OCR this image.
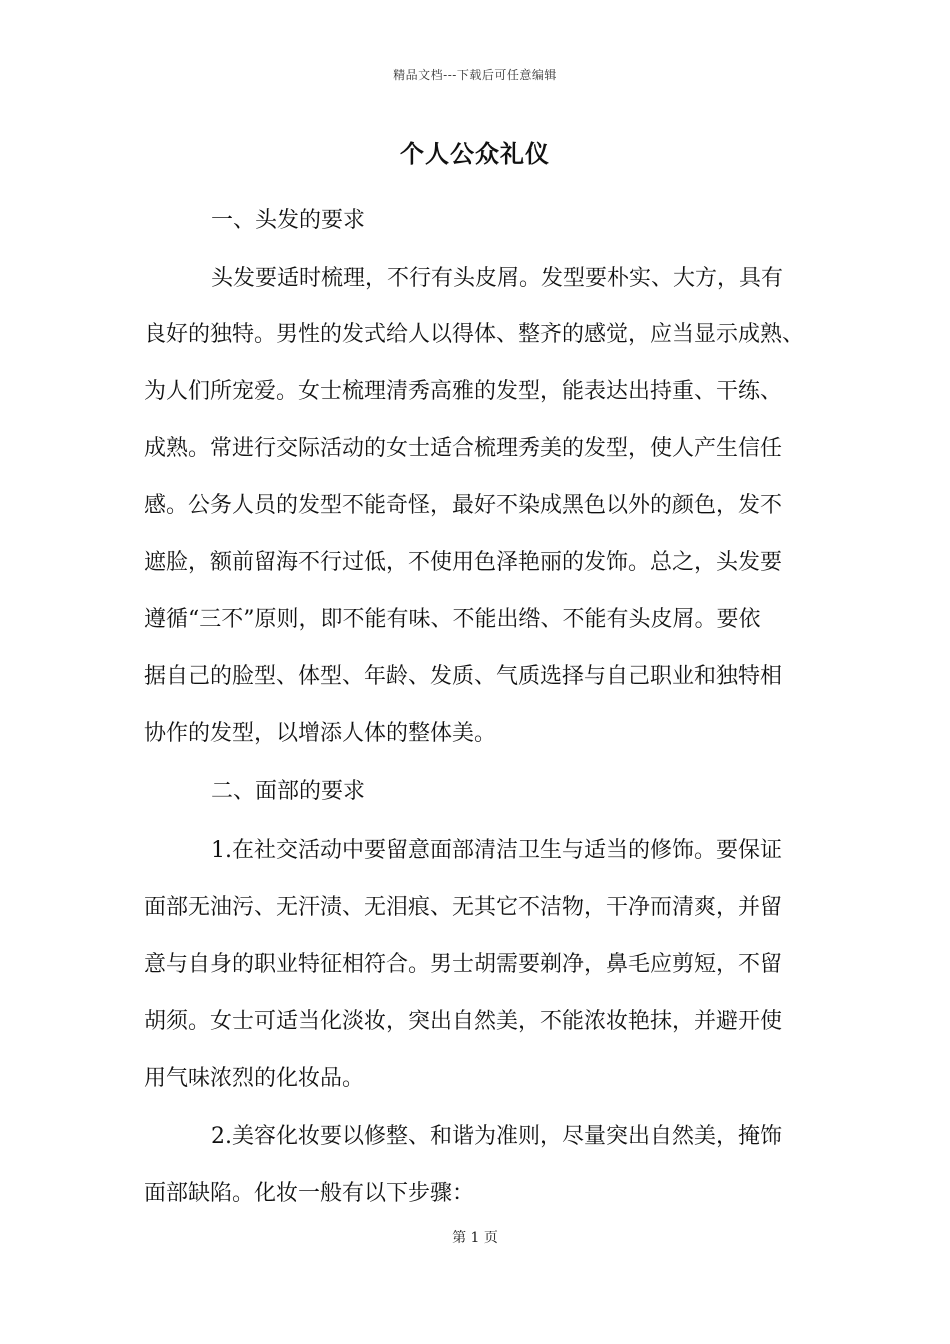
精品文档---下载后可任意编辑
个人公众礼仪
一、头发的要求
头发要适时梳理，不行有头皮屑。发型要朴实、大方，具有
良好的独特。男性的发式给人以得体、整齐的感觉，应当显示成熟、
为人们所宠爱。女士梳理清秀高雅的发型，能表达出持重、干练、
成熟。常进行交际活动的女士适合梳理秀美的发型，使人产生信任
感。公务人员的发型不能奇怪，最好不染成黑色以外的颜色，发不
遮脸，额前留海不行过低，不使用色泽艳丽的发饰。总之，头发要
遵循“三不”原则，即不能有味、不能出绺、不能有头皮屑。要依
据自己的脸型、体型、年龄、发质、气质选择与自己职业和独特相
协作的发型，以增添人体的整体美。
二、面部的要求
1.在社交活动中要留意面部清洁卫生与适当的修饰。要保证
面部无油污、无汗渍、无泪痕、无其它不洁物，干净而清爽，并留
意与自身的职业特征相符合。男士胡需要剃净，鼻毛应剪短，不留
胡须。女士可适当化淡妆，突出自然美，不能浓妆艳抹，并避开使
用气味浓烈的化妆品。
2.美容化妆要以修整、和谐为准则，尽量突出自然美，掩饰
面部缺陷。化妆一般有以下步骤：
第 1 页
